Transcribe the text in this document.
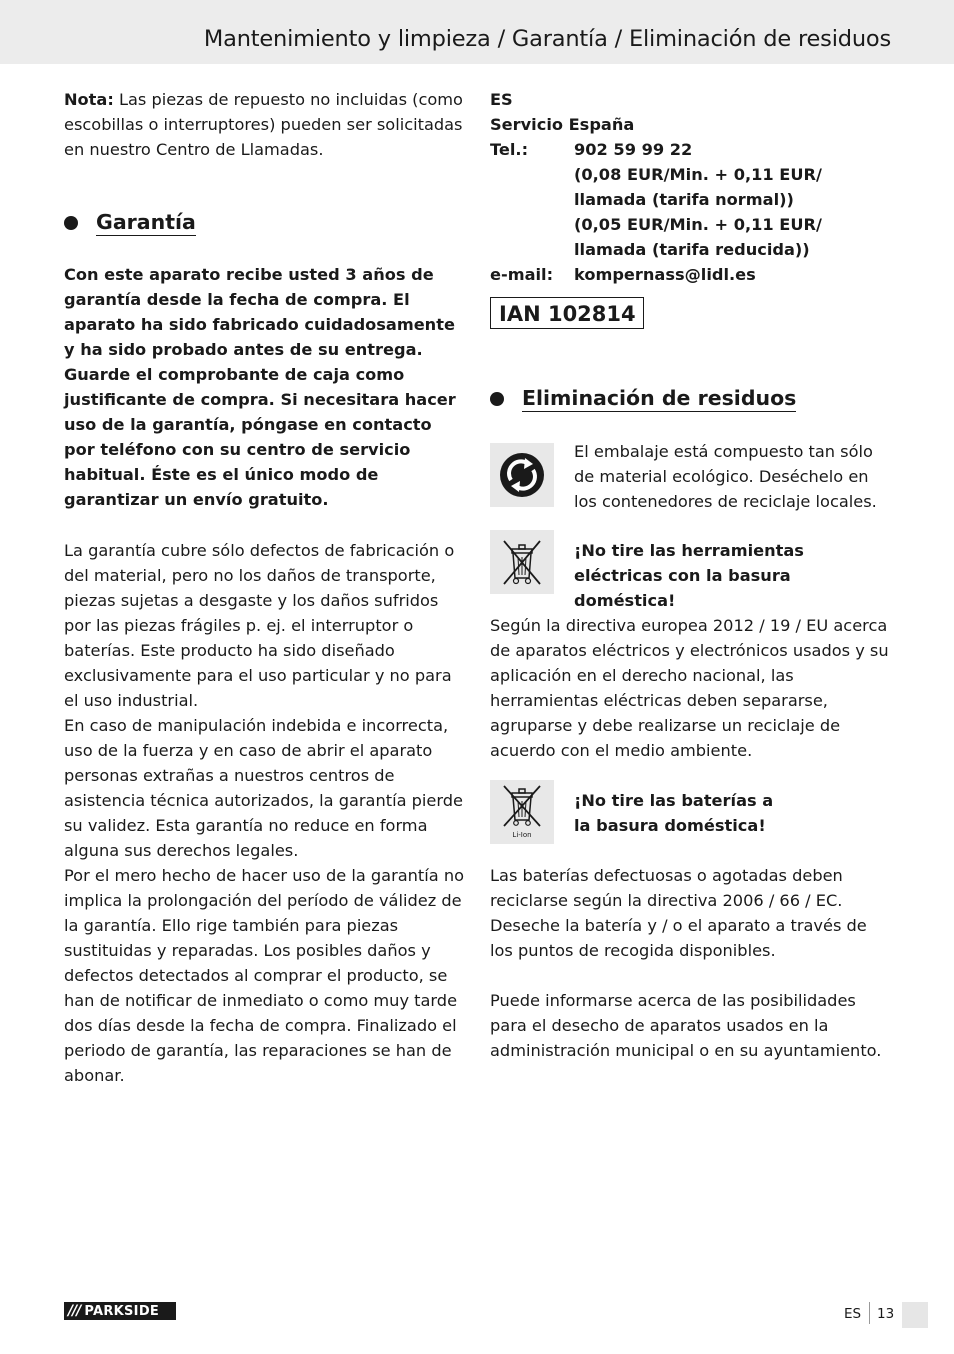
Mantenimiento y limpieza / Garantía / Eliminación de residuos

Nota: Las piezas de repuesto no incluidas (como escobillas o interruptores) pueden ser solicitadas en nuestro Centro de Llamadas.

Garantía
Con este aparato recibe usted 3 años de garantía desde la fecha de compra. El aparato ha sido fabricado cuidadosamente y ha sido probado antes de su entrega. Guarde el comprobante de caja como justificante de compra. Si necesitara hacer uso de la garantía, póngase en contacto por teléfono con su centro de servicio habitual. Éste es el único modo de garantizar un envío gratuito.
La garantía cubre sólo defectos de fabricación o del material, pero no los daños de transporte, piezas sujetas a desgaste y los daños sufridos por las piezas frágiles p. ej. el interruptor o baterías. Este producto ha sido diseñado exclusivamente para el uso particular y no para el uso industrial.
En caso de manipulación indebida e incorrecta, uso de la fuerza y en caso de abrir el aparato personas extrañas a nuestros centros de asistencia técnica autorizados, la garantía pierde su validez. Esta garantía no reduce en forma alguna sus derechos legales.
Por el mero hecho de hacer uso de la garantía no implica la prolongación del período de válidez de la garantía. Ello rige también para piezas sustituidas y reparadas. Los posibles daños y defectos detectados al comprar el producto, se han de notificar de inmediato o como muy tarde dos días desde la fecha de compra. Finalizado el periodo de garantía, las reparaciones se han de abonar.
ES
Servicio España
Tel.:	902 59 99 22
(0,08 EUR/Min. + 0,11 EUR/
llamada (tarifa normal))
(0,05 EUR/Min. + 0,11 EUR/
llamada (tarifa reducida))
e-mail:	kompernass@lidl.es
IAN 102814
Eliminación de residuos
El embalaje está compuesto tan sólo de material ecológico. Deséchelo en los contenedores de reciclaje locales.
¡No tire las herramientas eléctricas con la basura doméstica!
Según la directiva europea 2012 / 19 / EU acerca de aparatos eléctricos y electrónicos usados y su aplicación en el derecho nacional, las herramientas eléctricas deben separarse, agruparse y debe realizarse un reciclaje de acuerdo con el medio ambiente.
Li-Ion
¡No tire las baterías a
la basura doméstica!
Las baterías defectuosas o agotadas deben reciclarse según la directiva 2006 / 66 / EC. Deseche la batería y / o el aparato a través de los puntos de recogida disponibles.
Puede informarse acerca de las posibilidades para el desecho de aparatos usados en la administración municipal o en su ayuntamiento.
/// PARKSIDE	ES 13
